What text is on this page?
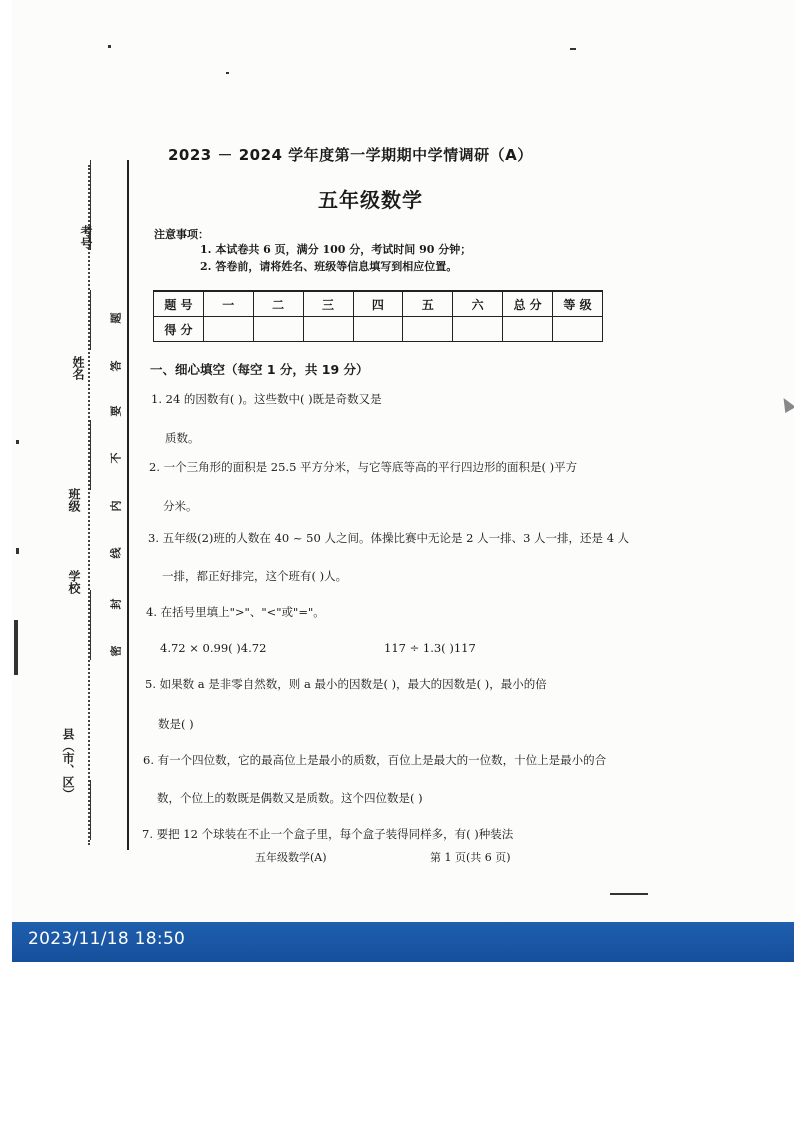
考号
姓名
班级
学校
县（市、区）
题
答
要
不
内
线
封
密
2023 － 2024 学年度第一学期期中学情调研（A）
五年级数学
注意事项：
1. 本试卷共 6 页，满分 100 分，考试时间 90 分钟；
2. 答卷前，请将姓名、班级等信息填写到相应位置。
题 号	一	二	三	四	五	六	总 分	等 级
得 分								
一、细心填空（每空 1 分，共 19 分）
1. 24 的因数有( )。这些数中( )既是奇数又是
质数。
2. 一个三角形的面积是 25.5 平方分米，与它等底等高的平行四边形的面积是( )平方
分米。
3. 五年级(2)班的人数在 40 ~ 50 人之间。体操比赛中无论是 2 人一排、3 人一排，还是 4 人
一排，都正好排完，这个班有( )人。
4. 在括号里填上">"、"<"或"="。
4.72 × 0.99( )4.72	117 ÷ 1.3( )117
5. 如果数 a 是非零自然数，则 a 最小的因数是( )，最大的因数是( )，最小的倍
数是( )
6. 有一个四位数，它的最高位上是最小的质数，百位上是最大的一位数，十位上是最小的合
数，个位上的数既是偶数又是质数。这个四位数是( )
7. 要把 12 个球装在不止一个盒子里，每个盒子装得同样多，有( )种装法
五年级数学(A)	第 1 页(共 6 页)
2023/11/18 18:50
